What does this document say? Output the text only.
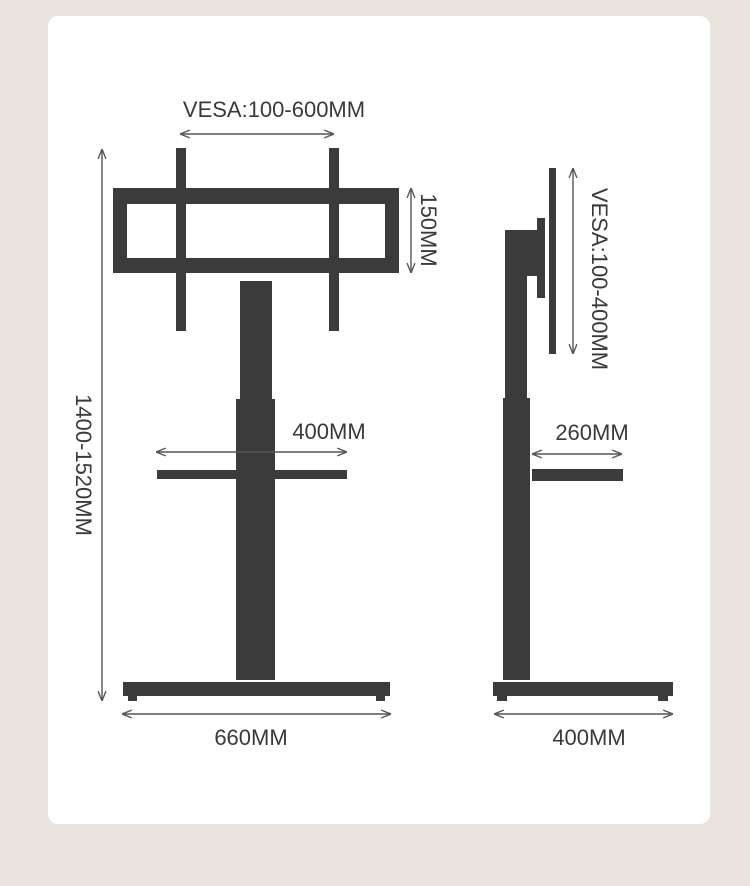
VESA:100-600MM
150MM
1400-1520MM	400MM
660MM
VESA:100-400MM
260MM
400MM
